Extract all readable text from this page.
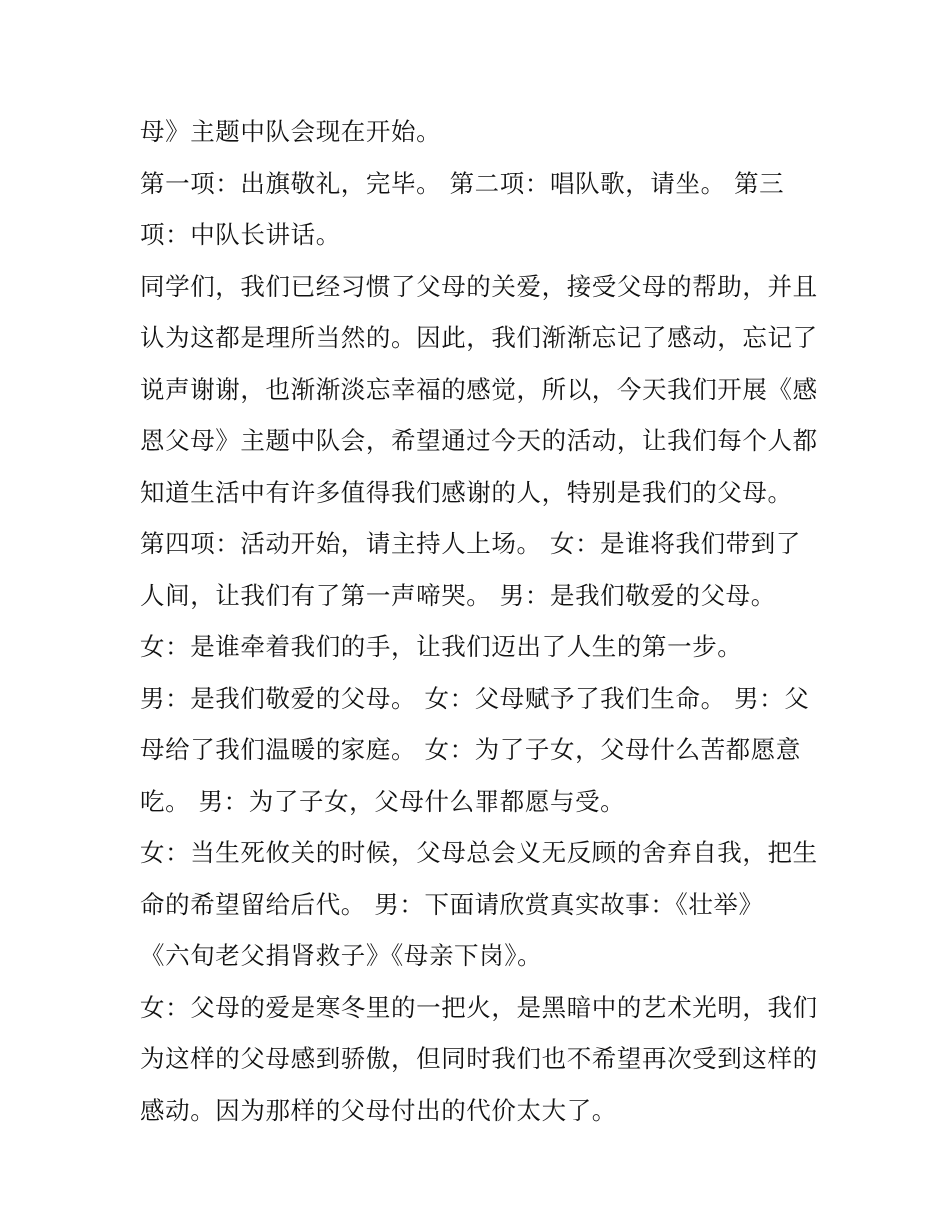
母》主题中队会现在开始。
第一项：出旗敬礼，完毕。 第二项：唱队歌，请坐。 第三
项：中队长讲话。
同学们，我们已经习惯了父母的关爱，接受父母的帮助，并且
认为这都是理所当然的。因此，我们渐渐忘记了感动，忘记了
说声谢谢，也渐渐淡忘幸福的感觉，所以，今天我们开展《感
恩父母》主题中队会，希望通过今天的活动，让我们每个人都
知道生活中有许多值得我们感谢的人，特别是我们的父母。
第四项：活动开始，请主持人上场。 女：是谁将我们带到了
人间，让我们有了第一声啼哭。 男：是我们敬爱的父母。
女：是谁牵着我们的手，让我们迈出了人生的第一步。
男：是我们敬爱的父母。 女：父母赋予了我们生命。 男：父
母给了我们温暖的家庭。 女：为了子女，父母什么苦都愿意
吃。 男：为了子女，父母什么罪都愿与受。
女：当生死攸关的时候，父母总会义无反顾的舍弃自我，把生
命的希望留给后代。 男：下面请欣赏真实故事：《壮举》
《六旬老父捐肾救子》《母亲下岗》。
女：父母的爱是寒冬里的一把火，是黑暗中的艺术光明，我们
为这样的父母感到骄傲，但同时我们也不希望再次受到这样的
感动。因为那样的父母付出的代价太大了。
